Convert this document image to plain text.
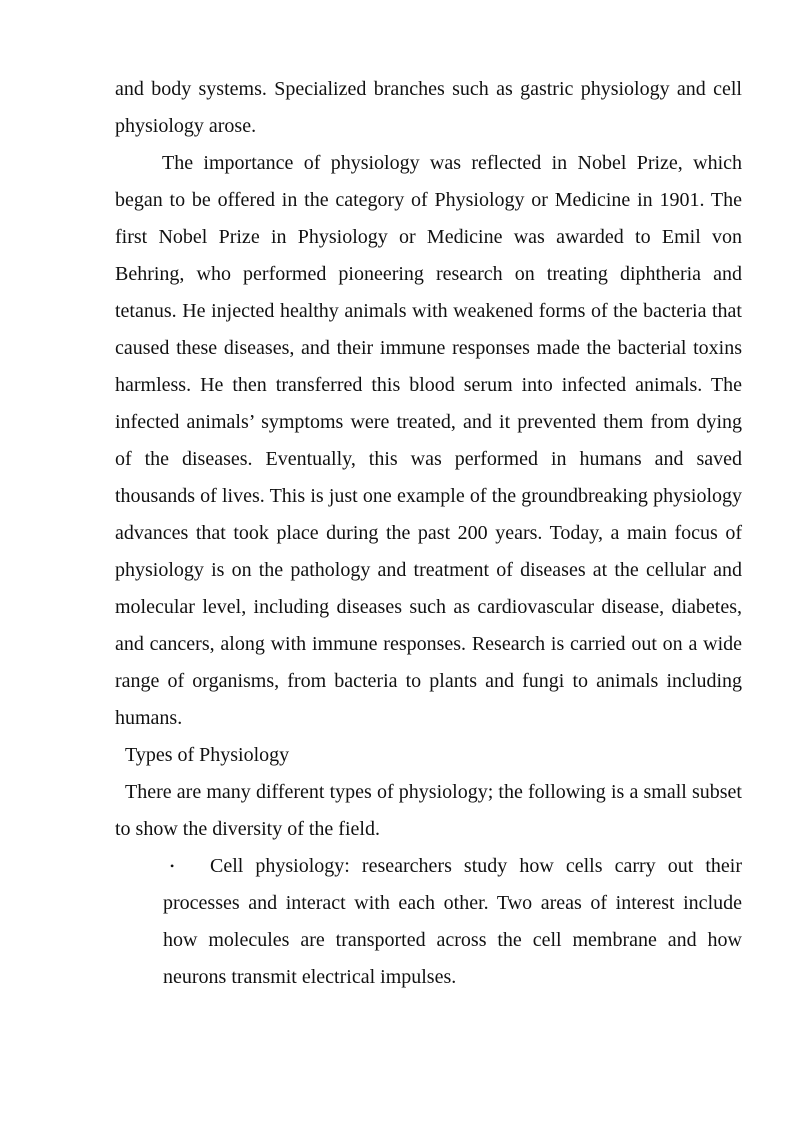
and body systems. Specialized branches such as gastric physiology and cell physiology arose.

The importance of physiology was reflected in Nobel Prize, which began to be offered in the category of Physiology or Medicine in 1901. The first Nobel Prize in Physiology or Medicine was awarded to Emil von Behring, who performed pioneering research on treating diphtheria and tetanus. He injected healthy animals with weakened forms of the bacteria that caused these diseases, and their immune responses made the bacterial toxins harmless. He then transferred this blood serum into infected animals. The infected animals’ symptoms were treated, and it prevented them from dying of the diseases. Eventually, this was performed in humans and saved thousands of lives. This is just one example of the groundbreaking physiology advances that took place during the past 200 years. Today, a main focus of physiology is on the pathology and treatment of diseases at the cellular and molecular level, including diseases such as cardiovascular disease, diabetes, and cancers, along with immune responses. Research is carried out on a wide range of organisms, from bacteria to plants and fungi to animals including humans.

Types of Physiology

There are many different types of physiology; the following is a small subset to show the diversity of the field.

•	Cell physiology: researchers study how cells carry out their processes and interact with each other. Two areas of interest include how molecules are transported across the cell membrane and how neurons transmit electrical impulses.
